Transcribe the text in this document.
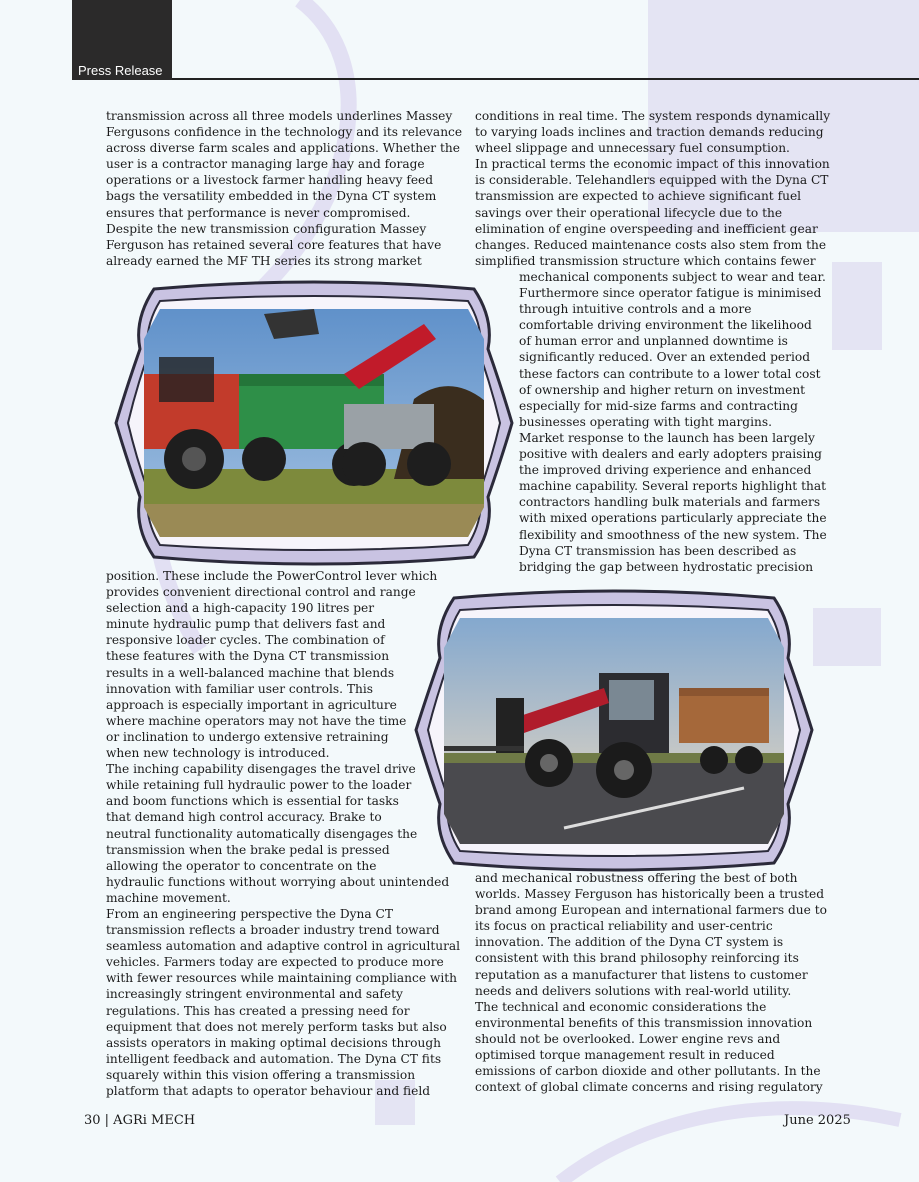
Press Release
transmission across all three models underlines Massey
Fergusons confidence in the technology and its relevance
across diverse farm scales and applications. Whether the
user is a contractor managing large hay and forage
operations or a livestock farmer handling heavy feed
bags the versatility embedded in the Dyna CT system
ensures that performance is never compromised.
Despite the new transmission configuration Massey
Ferguson has retained several core features that have
already earned the MF TH series its strong market
position. These include the PowerControl lever which
provides convenient directional control and range
selection and a high-capacity 190 litres per
minute hydraulic pump that delivers fast and
responsive loader cycles. The combination of
these features with the Dyna CT transmission
results in a well-balanced machine that blends
innovation with familiar user controls. This
approach is especially important in agriculture
where machine operators may not have the time
or inclination to undergo extensive retraining
when new technology is introduced.
The inching capability disengages the travel drive
while retaining full hydraulic power to the loader
and boom functions which is essential for tasks
that demand high control accuracy. Brake to
neutral functionality automatically disengages the
transmission when the brake pedal is pressed
allowing the operator to concentrate on the
hydraulic functions without worrying about unintended
machine movement.
From an engineering perspective the Dyna CT
transmission reflects a broader industry trend toward
seamless automation and adaptive control in agricultural
vehicles. Farmers today are expected to produce more
with fewer resources while maintaining compliance with
increasingly stringent environmental and safety
regulations. This has created a pressing need for
equipment that does not merely perform tasks but also
assists operators in making optimal decisions through
intelligent feedback and automation. The Dyna CT fits
squarely within this vision offering a transmission
platform that adapts to operator behaviour and field
conditions in real time. The system responds dynamically
to varying loads inclines and traction demands reducing
wheel slippage and unnecessary fuel consumption.
In practical terms the economic impact of this innovation
is considerable. Telehandlers equipped with the Dyna CT
transmission are expected to achieve significant fuel
savings over their operational lifecycle due to the
elimination of engine overspeeding and inefficient gear
changes. Reduced maintenance costs also stem from the
simplified transmission structure which contains fewer
mechanical components subject to wear and tear.
Furthermore since operator fatigue is minimised
through intuitive controls and a more
comfortable driving environment the likelihood
of human error and unplanned downtime is
significantly reduced. Over an extended period
these factors can contribute to a lower total cost
of ownership and higher return on investment
especially for mid-size farms and contracting
businesses operating with tight margins.
Market response to the launch has been largely
positive with dealers and early adopters praising
the improved driving experience and enhanced
machine capability. Several reports highlight that
contractors handling bulk materials and farmers
with mixed operations particularly appreciate the
flexibility and smoothness of the new system. The
Dyna CT transmission has been described as
bridging the gap between hydrostatic precision
and mechanical robustness offering the best of both
worlds. Massey Ferguson has historically been a trusted
brand among European and international farmers due to
its focus on practical reliability and user-centric
innovation. The addition of the Dyna CT system is
consistent with this brand philosophy reinforcing its
reputation as a manufacturer that listens to customer
needs and delivers solutions with real-world utility.
The technical and economic considerations the
environmental benefits of this transmission innovation
should not be overlooked. Lower engine revs and
optimised torque management result in reduced
emissions of carbon dioxide and other pollutants. In the
context of global climate concerns and rising regulatory
30 | AGRi MECH	June 2025
